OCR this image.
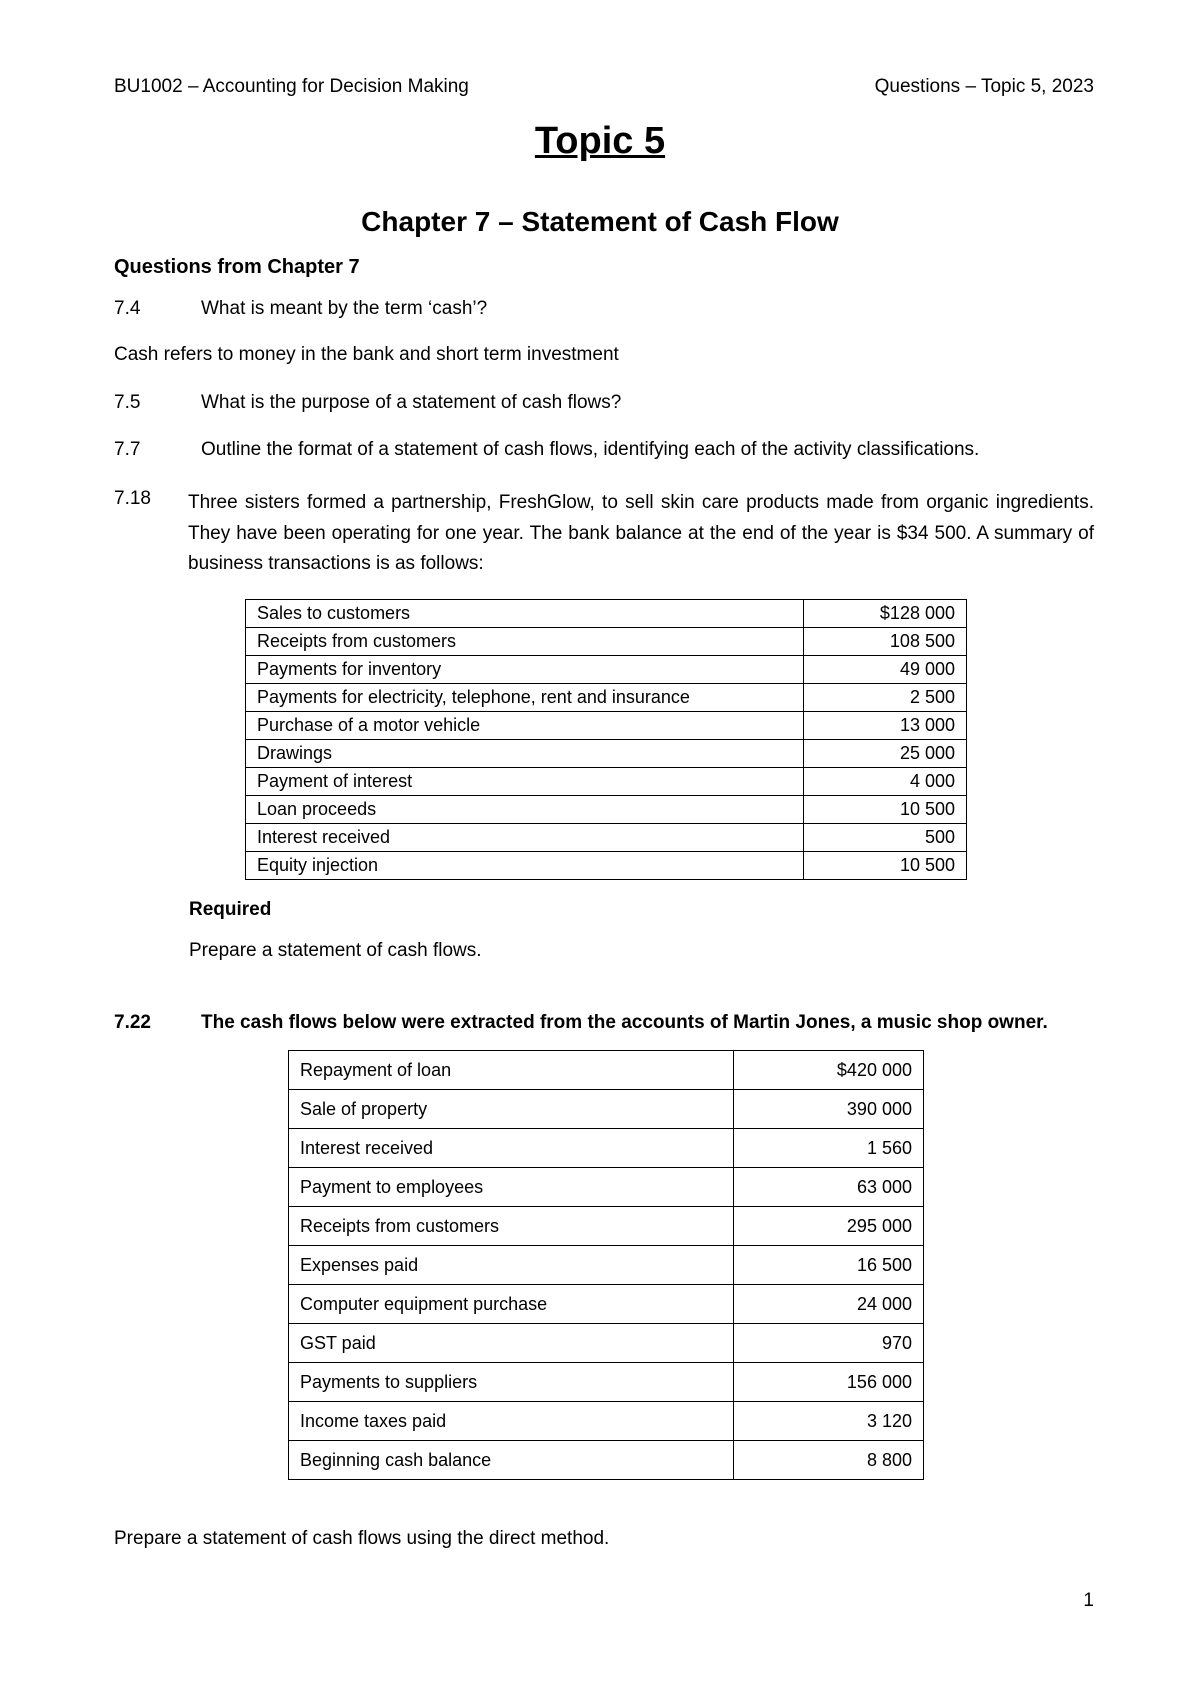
BU1002 – Accounting for Decision Making	Questions – Topic 5, 2023
Topic 5
Chapter 7 – Statement of Cash Flow
Questions from Chapter 7
7.4	What is meant by the term ‘cash’?
Cash refers to money in the bank and short term investment
7.5	What is the purpose of a statement of cash flows?
7.7	Outline the format of a statement of cash flows, identifying each of the activity classifications.
7.18 Three sisters formed a partnership, FreshGlow, to sell skin care products made from organic ingredients. They have been operating for one year. The bank balance at the end of the year is $34 500. A summary of business transactions is as follows:
Sales to customers	$128 000
Receipts from customers	108 500
Payments for inventory	49 000
Payments for electricity, telephone, rent and insurance	2 500
Purchase of a motor vehicle	13 000
Drawings	25 000
Payment of interest	4 000
Loan proceeds	10 500
Interest received	500
Equity injection	10 500
Required
Prepare a statement of cash flows.
7.22	The cash flows below were extracted from the accounts of Martin Jones, a music shop owner.
Repayment of loan	$420 000
Sale of property	390 000
Interest received	1 560
Payment to employees	63 000
Receipts from customers	295 000
Expenses paid	16 500
Computer equipment purchase	24 000
GST paid	970
Payments to suppliers	156 000
Income taxes paid	3 120
Beginning cash balance	8 800
Prepare a statement of cash flows using the direct method.
1
